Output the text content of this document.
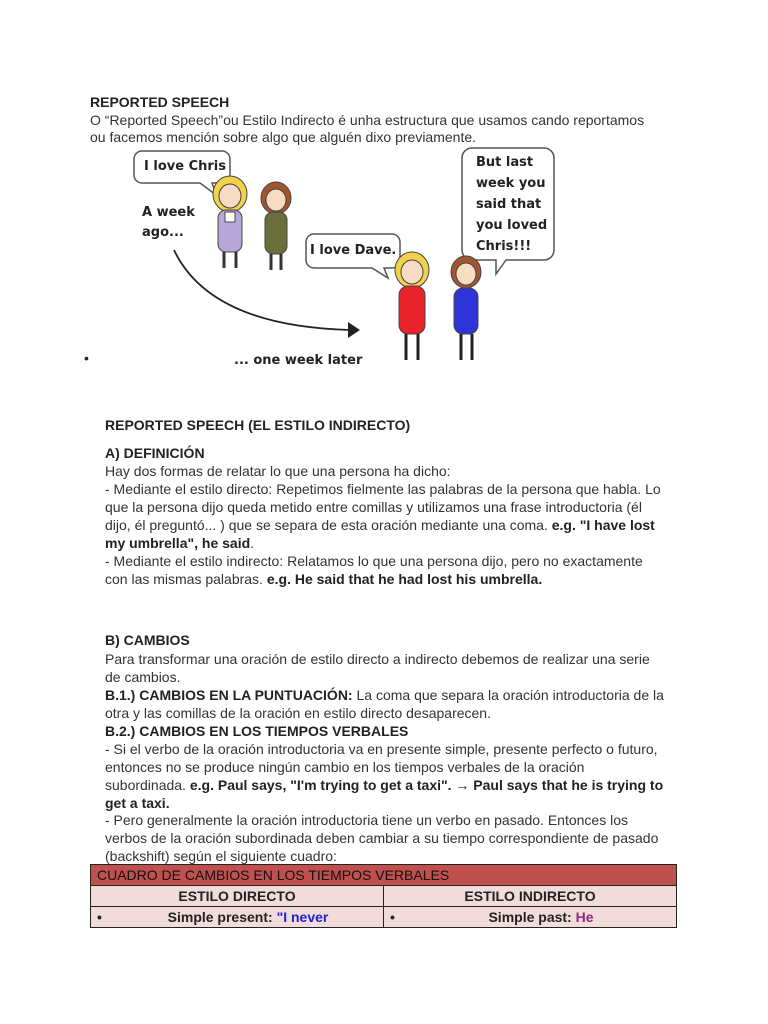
REPORTED SPEECH
O “Reported Speech”ou Estilo Indirecto é unha estructura que usamos cando reportamos ou facemos mención sobre algo que alguén dixo previamente.
•
I love Chris
A week
ago...
... one week later
I love Dave.
But last week you said that you loved Chris!!!
REPORTED SPEECH (EL ESTILO INDIRECTO)
A) DEFINICIÓN
Hay dos formas de relatar lo que una persona ha dicho:
- Mediante el estilo directo: Repetimos fielmente las palabras de la persona que habla. Lo que la persona dijo queda metido entre comillas y utilizamos una frase introductoria (él dijo, él preguntó... ) que se separa de esta oración mediante una coma. e.g. "I have lost my umbrella", he said.
- Mediante el estilo indirecto: Relatamos lo que una persona dijo, pero no exactamente con las mismas palabras. e.g. He said that he had lost his umbrella.
B) CAMBIOS
Para transformar una oración de estilo directo a indirecto debemos de realizar una serie de cambios.
B.1.) CAMBIOS EN LA PUNTUACIÓN: La coma que separa la oración introductoria de la otra y las comillas de la oración en estilo directo desaparecen.
B.2.) CAMBIOS EN LOS TIEMPOS VERBALES
- Si el verbo de la oración introductoria va en presente simple, presente perfecto o futuro, entonces no se produce ningún cambio en los tiempos verbales de la oración subordinada. e.g. Paul says, "I'm trying to get a taxi". → Paul says that he is trying to get a taxi.
- Pero generalmente la oración introductoria tiene un verbo en pasado. Entonces los verbos de la oración subordinada deben cambiar a su tiempo correspondiente de pasado (backshift) según el siguiente cuadro:
CUADRO DE CAMBIOS EN LOS TIEMPOS VERBALES	
ESTILO DIRECTO	ESTILO INDIRECTO
• Simple present: "I never	• Simple past: He
